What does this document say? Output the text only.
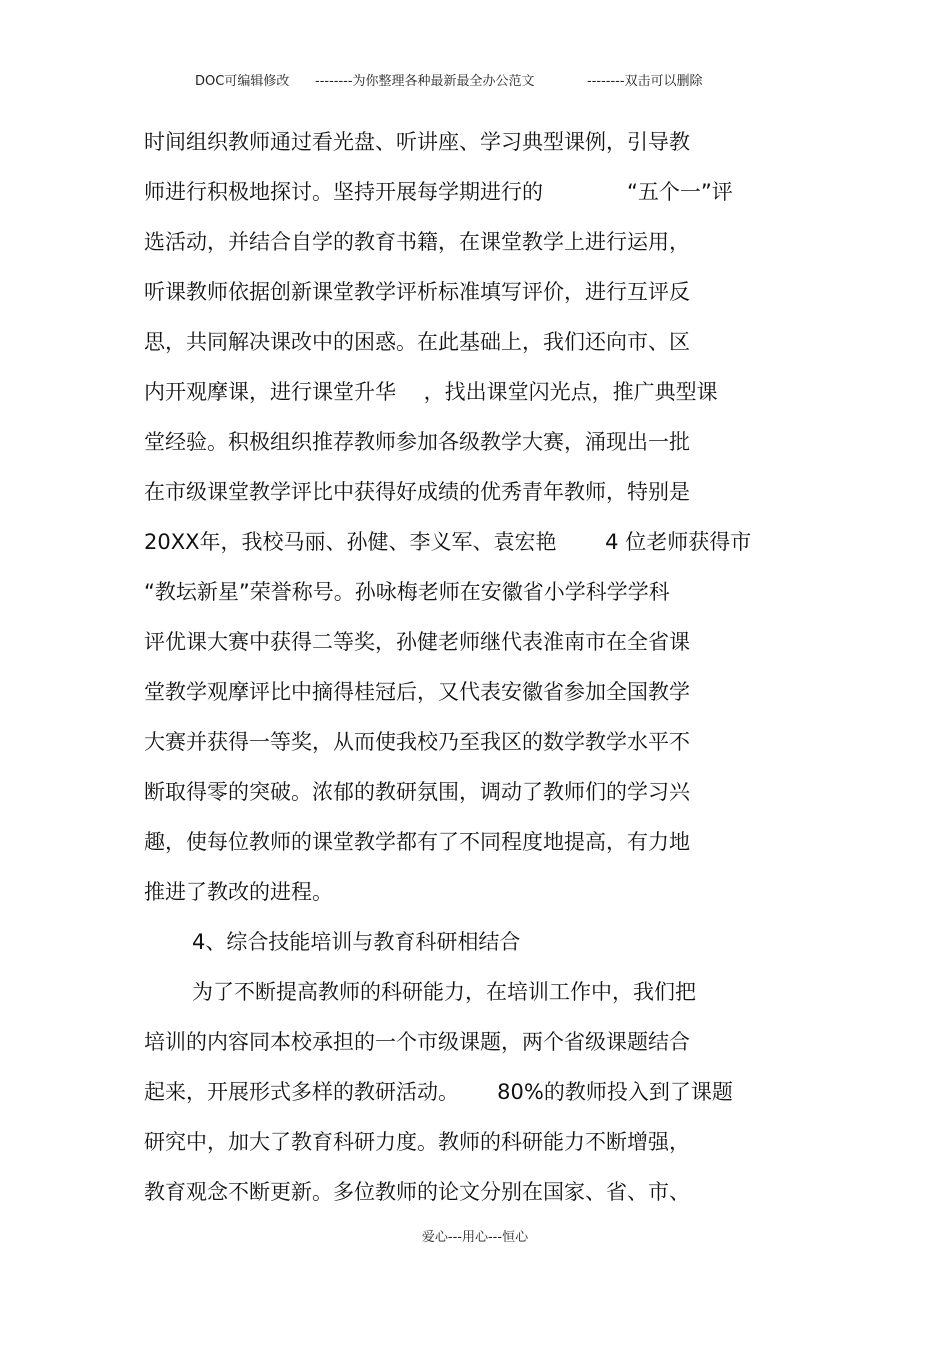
DOC可编辑修改 --------为你整理各种最新最全办公范文	--------双击可以删除
时间组织教师通过看光盘、听讲座、学习典型课例，引导教
师进行积极地探讨。坚持开展每学期进行的　　　　“五个一”评
选活动，并结合自学的教育书籍，在课堂教学上进行运用，
听课教师依据创新课堂教学评析标准填写评价，进行互评反
思，共同解决课改中的困惑。在此基础上，我们还向市、区
内开观摩课，进行课堂升华　 ，找出课堂闪光点，推广典型课
堂经验。积极组织推荐教师参加各级教学大赛，涌现出一批
在市级课堂教学评比中获得好成绩的优秀青年教师，特别是
20XX年，我校马丽、孙健、李义军、袁宏艳　　 4 位老师获得市
“教坛新星”荣誉称号。孙咏梅老师在安徽省小学科学学科
评优课大赛中获得二等奖，孙健老师继代表淮南市在全省课
堂教学观摩评比中摘得桂冠后，又代表安徽省参加全国教学
大赛并获得一等奖，从而使我校乃至我区的数学教学水平不
断取得零的突破。浓郁的教研氛围，调动了教师们的学习兴
趣，使每位教师的课堂教学都有了不同程度地提高，有力地
推进了教改的进程。
4、综合技能培训与教育科研相结合
为了不断提高教师的科研能力，在培训工作中，我们把
培训的内容同本校承担的一个市级课题，两个省级课题结合
起来，开展形式多样的教研活动。　　 80%的教师投入到了课题
研究中，加大了教育科研力度。教师的科研能力不断增强，
教育观念不断更新。多位教师的论文分别在国家、省、市、
爱心---用心---恒心
